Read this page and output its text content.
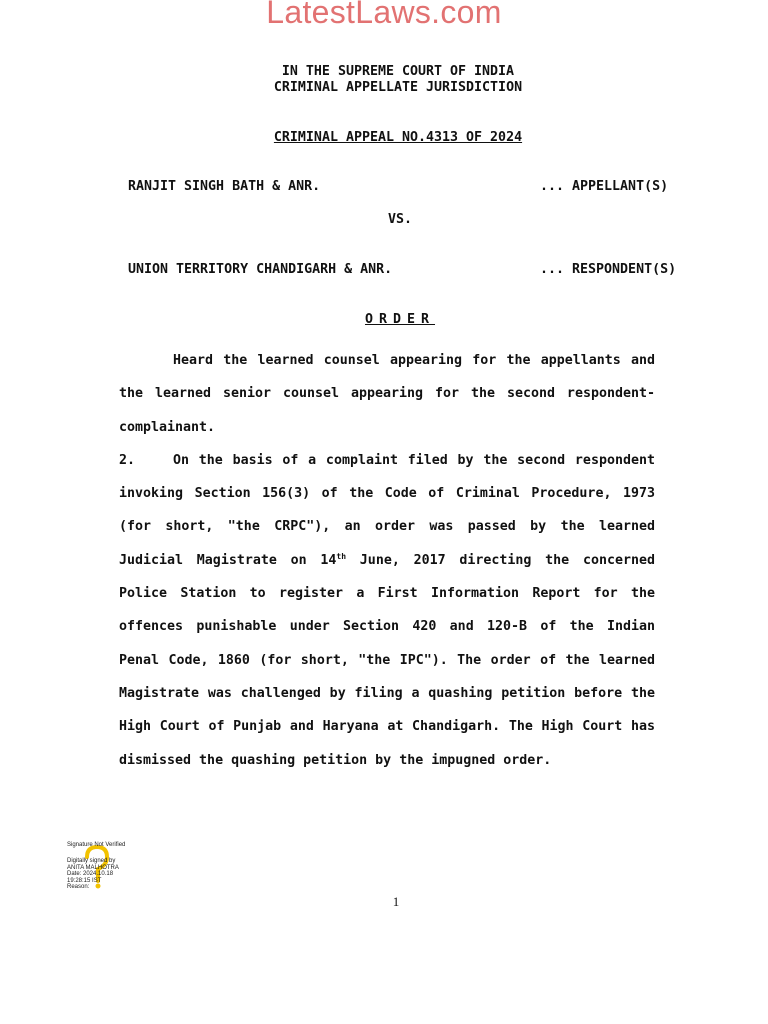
LatestLaws.com
IN THE SUPREME COURT OF INDIA
CRIMINAL APPELLATE JURISDICTION
CRIMINAL APPEAL NO.4313 OF 2024
RANJIT SINGH BATH & ANR.	... APPELLANT(S)
VS.
UNION TERRITORY CHANDIGARH & ANR.	... RESPONDENT(S)
ORDER

Heard the learned counsel appearing for the appellants and the learned senior counsel appearing for the second respondent-complainant.

2.	On the basis of a complaint filed by the second respondent invoking Section 156(3) of the Code of Criminal Procedure, 1973 (for short, "the CRPC"), an order was passed by the learned Judicial Magistrate on 14th June, 2017 directing the concerned Police Station to register a First Information Report for the offences punishable under Section 420 and 120-B of the Indian Penal Code, 1860 (for short, "the IPC"). The order of the learned Magistrate was challenged by filing a quashing petition before the High Court of Punjab and Haryana at Chandigarh. The High Court has dismissed the quashing petition by the impugned order.

Signature Not Verified
Digitally signed by
ANITA MALHOTRA
Date: 2024.10.18
19:28:15 IST
Reason:
1
